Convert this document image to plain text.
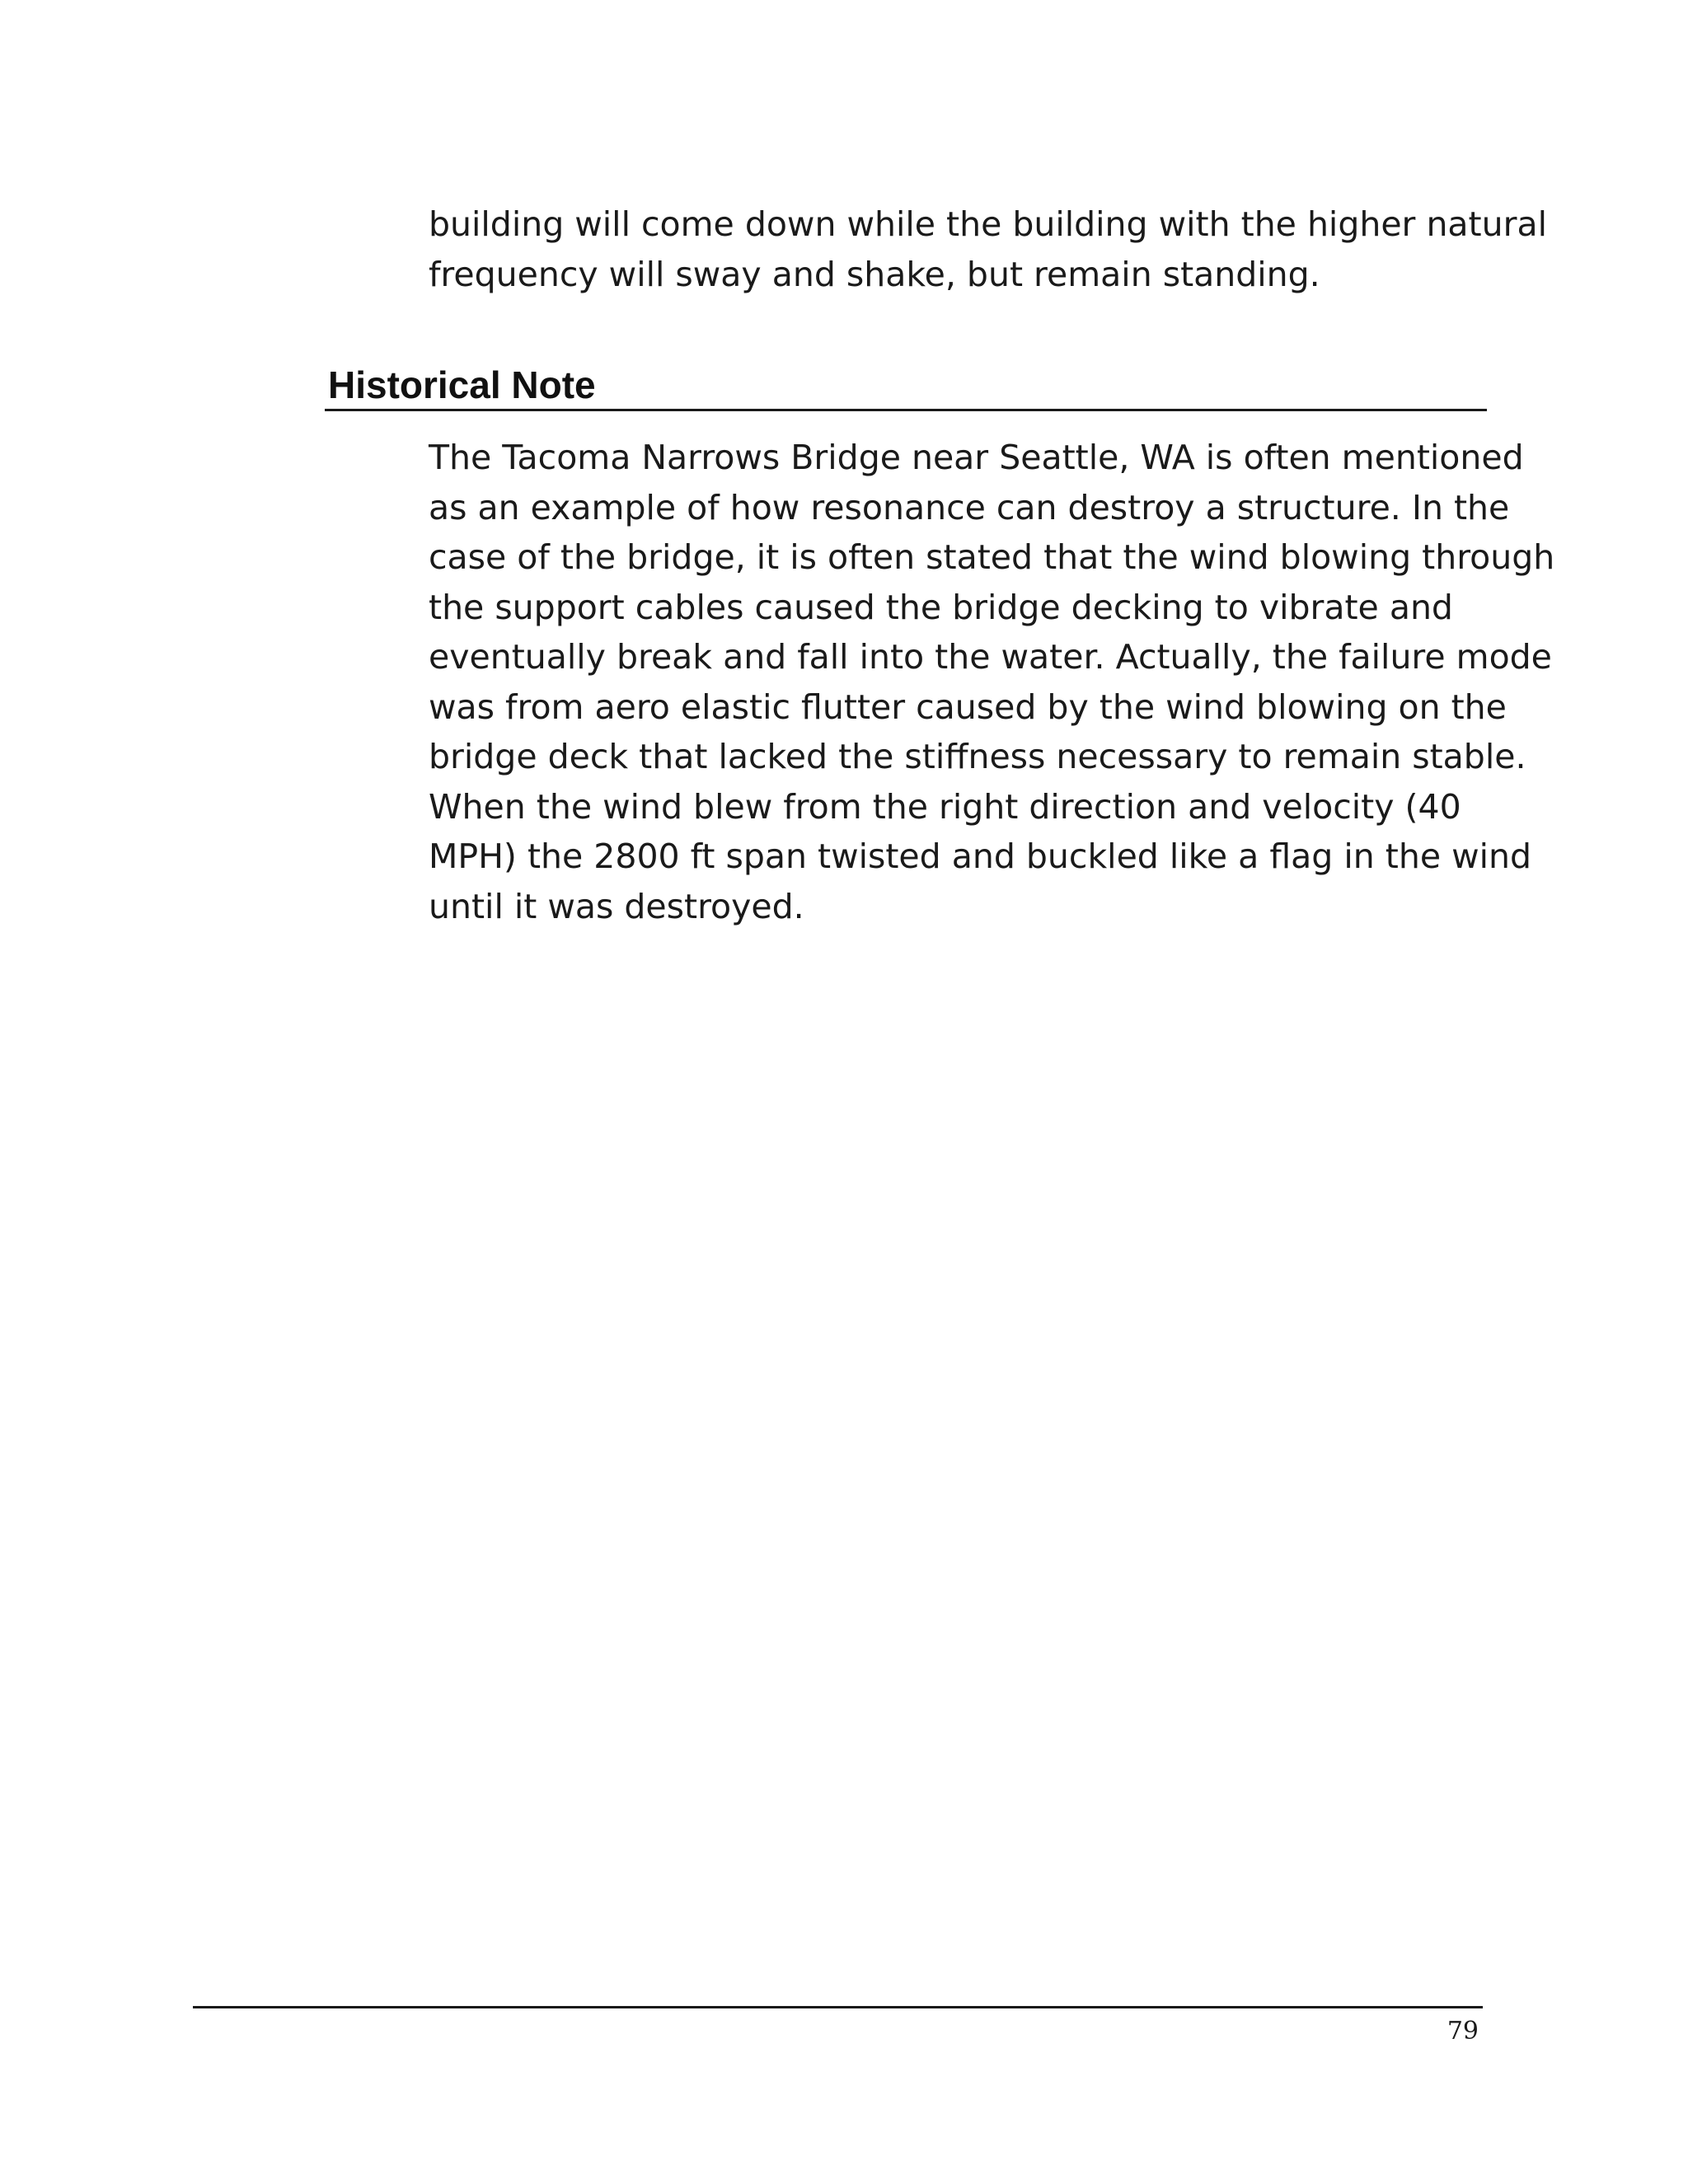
building will come down while the building with the higher natural
frequency will sway and shake, but remain standing.

Historical Note

The Tacoma Narrows Bridge near Seattle, WA is often mentioned
as an example of how resonance can destroy a structure. In the
case of the bridge, it is often stated that the wind blowing through
the support cables caused the bridge decking to vibrate and
eventually break and fall into the water. Actually, the failure mode
was from aero elastic flutter caused by the wind blowing on the
bridge deck that lacked the stiffness necessary to remain stable.
When the wind blew from the right direction and velocity (40
MPH) the 2800 ft span twisted and buckled like a flag in the wind
until it was destroyed.

79
